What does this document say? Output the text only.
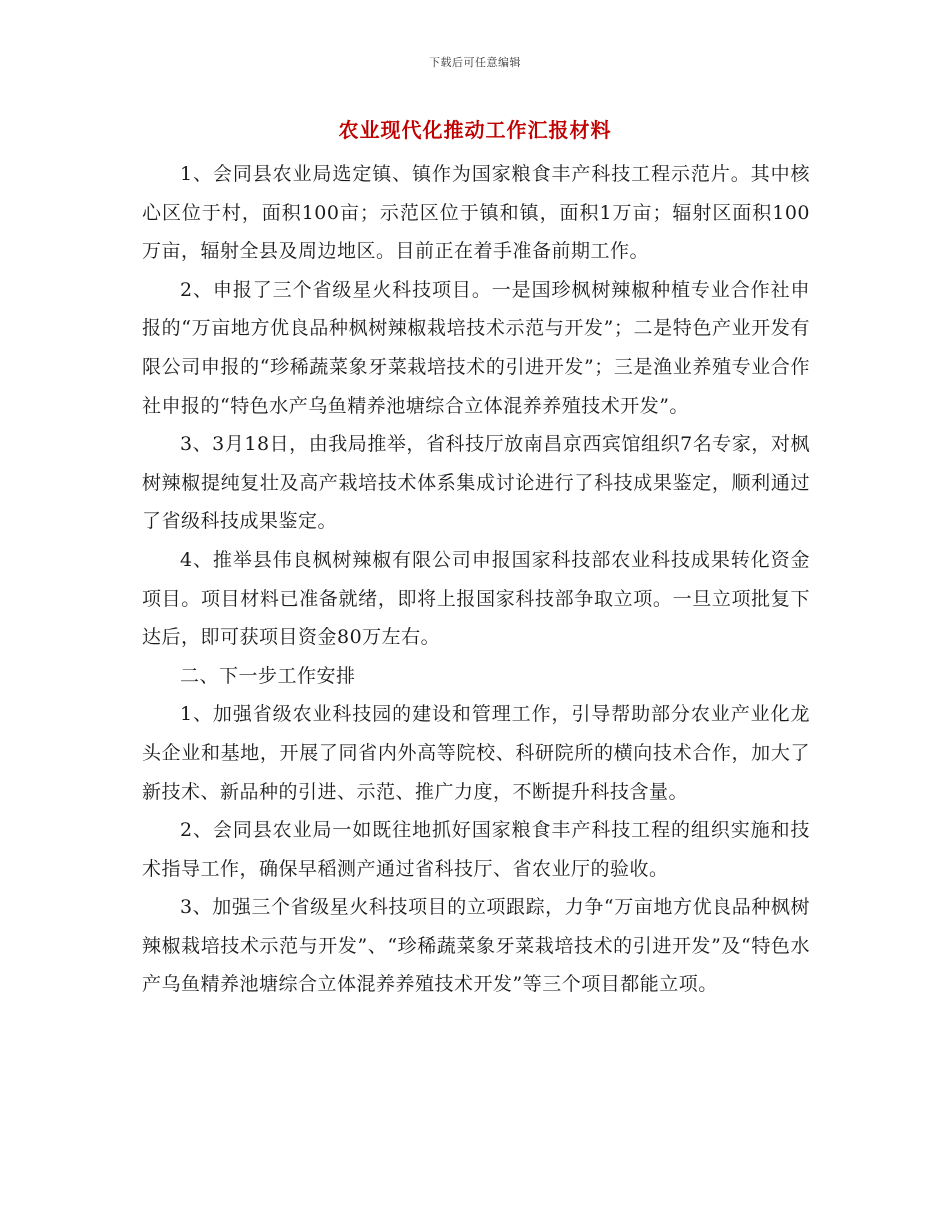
下载后可任意编辑
农业现代化推动工作汇报材料

1、会同县农业局选定镇、镇作为国家粮食丰产科技工程示范片。其中核心区位于村，面积100亩；示范区位于镇和镇，面积1万亩；辐射区面积100万亩，辐射全县及周边地区。目前正在着手准备前期工作。

2、申报了三个省级星火科技项目。一是国珍枫树辣椒种植专业合作社申报的“万亩地方优良品种枫树辣椒栽培技术示范与开发”；二是特色产业开发有限公司申报的“珍稀蔬菜象牙菜栽培技术的引进开发”；三是渔业养殖专业合作社申报的“特色水产乌鱼精养池塘综合立体混养养殖技术开发”。

3、3月18日，由我局推举，省科技厅放南昌京西宾馆组织7名专家，对枫树辣椒提纯复壮及高产栽培技术体系集成讨论进行了科技成果鉴定，顺利通过了省级科技成果鉴定。

4、推举县伟良枫树辣椒有限公司申报国家科技部农业科技成果转化资金项目。项目材料已准备就绪，即将上报国家科技部争取立项。一旦立项批复下达后，即可获项目资金80万左右。

二、下一步工作安排

1、加强省级农业科技园的建设和管理工作，引导帮助部分农业产业化龙头企业和基地，开展了同省内外高等院校、科研院所的横向技术合作，加大了新技术、新品种的引进、示范、推广力度，不断提升科技含量。

2、会同县农业局一如既往地抓好国家粮食丰产科技工程的组织实施和技术指导工作，确保早稻测产通过省科技厅、省农业厅的验收。

3、加强三个省级星火科技项目的立项跟踪，力争“万亩地方优良品种枫树辣椒栽培技术示范与开发”、“珍稀蔬菜象牙菜栽培技术的引进开发”及“特色水产乌鱼精养池塘综合立体混养养殖技术开发”等三个项目都能立项。
